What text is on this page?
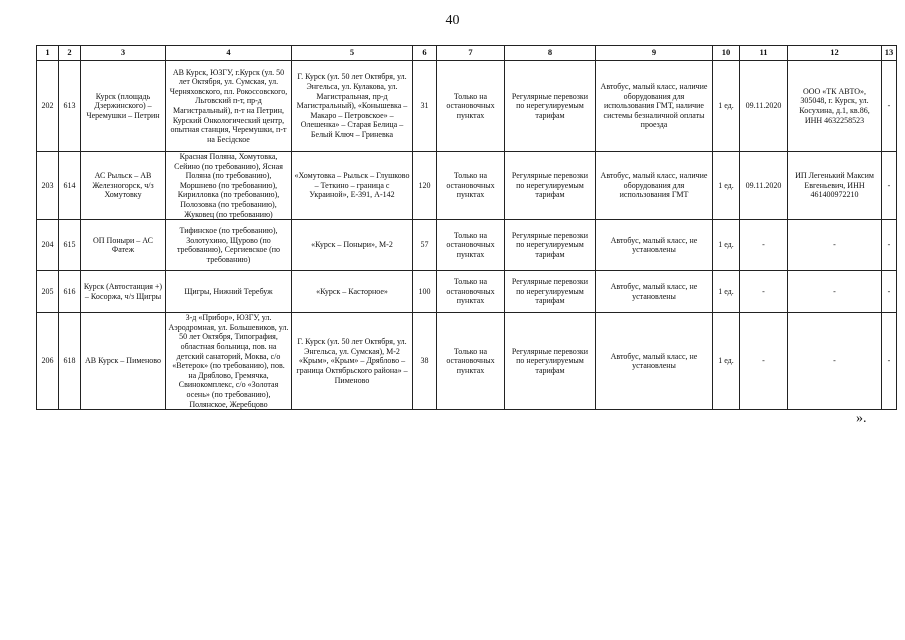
40
1	2	3	4	5	6	7	8	9	10	11	12	13
202	613	Курск (площадь Дзержинского) – Черемушки – Петрин	АВ Курск, ЮЗГУ, г.Курск (ул. 50 лет Октября, ул. Сумская, ул. Черняховского, пл. Рокоссовского, Льговский п-т, пр-д Магистральный), п-т на Петрин, Курский Онкологический центр, опытная станция, Черемушки, п-т на Бесідское	Г. Курск (ул. 50 лет Октября, ул. Энгельса, ул. Кулакова, ул. Магистральная, пр-д Магистральный), «Конышевка – Макаро – Петровское» – Олешенка» – Старая Белица – Белый Ключ – Гриневка	31	Только на остановочных пунктах	Регулярные перевозки по нерегулируемым тарифам	Автобус, малый класс, наличие оборудования для использования ГМТ, наличие системы безналичной оплаты проезда	1 ед.	09.11.2020	ООО «ТК АВТО», 305048, г. Курск, ул. Косухина, д.1, кв.86, ИНН 4632258523	-
203	614	АС Рыльск – АВ Железногорск, ч/з Хомутовку	Красная Поляна, Хомутовка, Сейино (по требованию), Ясная Поляна (по требованию), Моршнево (по требованию), Кирилловка (по требованию), Полозовка (по требованию), Жуковец (по требованию)	«Хомутовка – Рыльск – Глушково – Теткино – граница с Украиной», Е-391, А-142	120	Только на остановочных пунктах	Регулярные перевозки по нерегулируемым тарифам	Автобус, малый класс, наличие оборудования для использования ГМТ	1 ед.	09.11.2020	ИП Легенький Максим Евгеньевич, ИНН 461400972210	-
204	615	ОП Поныри – АС Фатеж	Тифинское (по требованию), Золотухино, Щурово (по требованию), Сергиевское (по требованию)	«Курск – Поныри», М-2	57	Только на остановочных пунктах	Регулярные перевозки по нерегулируемым тарифам	Автобус, малый класс, не установлены	1 ед.	-	-	-
205	616	Курск (Автостанция +) – Косоржа, ч/з Щигры	Щигры, Нижний Теребуж	«Курск – Касторное»	100	Только на остановочных пунктах	Регулярные перевозки по нерегулируемым тарифам	Автобус, малый класс, не установлены	1 ед.	-	-	-
206	618	АВ Курск – Пименово	З-д «Прибор», ЮЗГУ, ул. Аэродромная, ул. Большевиков, ул. 50 лет Октября, Типография, областная больница, пов. на детский санаторий, Моква, с/о «Ветерок» (по требованию), пов. на Дрябловo, Гремячка, Свинокомплекс, с/о «Золотая осень» (по требованию), Полянское, Жеребцово	Г. Курск (ул. 50 лет Октября, ул. Энгельса, ул. Сумская), М-2 «Крым», «Крым» – Дрябловo – граница Октябрьского района» – Пименово	38	Только на остановочных пунктах	Регулярные перевозки по нерегулируемым тарифам	Автобус, малый класс, не установлены	1 ед.	-	-	-
».
